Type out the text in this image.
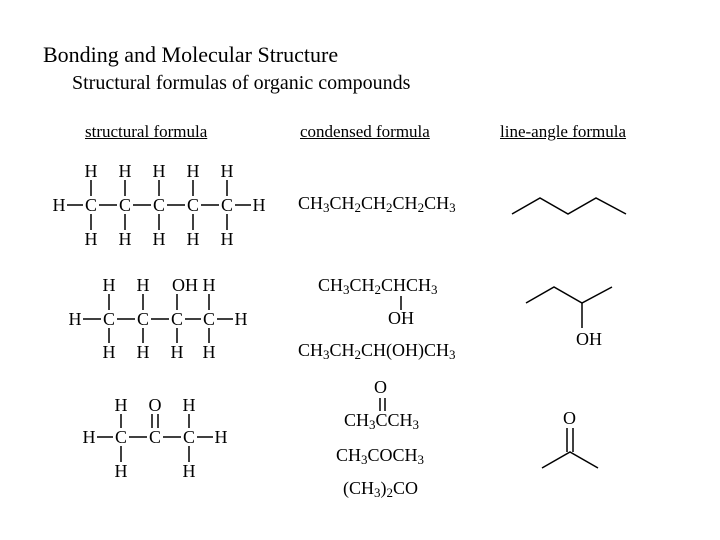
Bonding and Molecular Structure
Structural formulas of organic compounds
structural formula	condensed formula	line-angle formula
H	H
C
H
H
C
H
H
C
H
H
C
H
H
C
H
H
$CH_3CH_2CH_2CH_2CH_3$
H	H
C
H
H
C
H
H
C
OH
H
C
H
H
$CH_3CH_2CHCH_3$
OH
$CH_3CH_2CH(OH)CH_3$
OH
H	H
C
H
H
C
O
C
H
H
O
$CH_3CCH_3$
$CH_3COCH_3$
$(CH_3)_2CO$
O
